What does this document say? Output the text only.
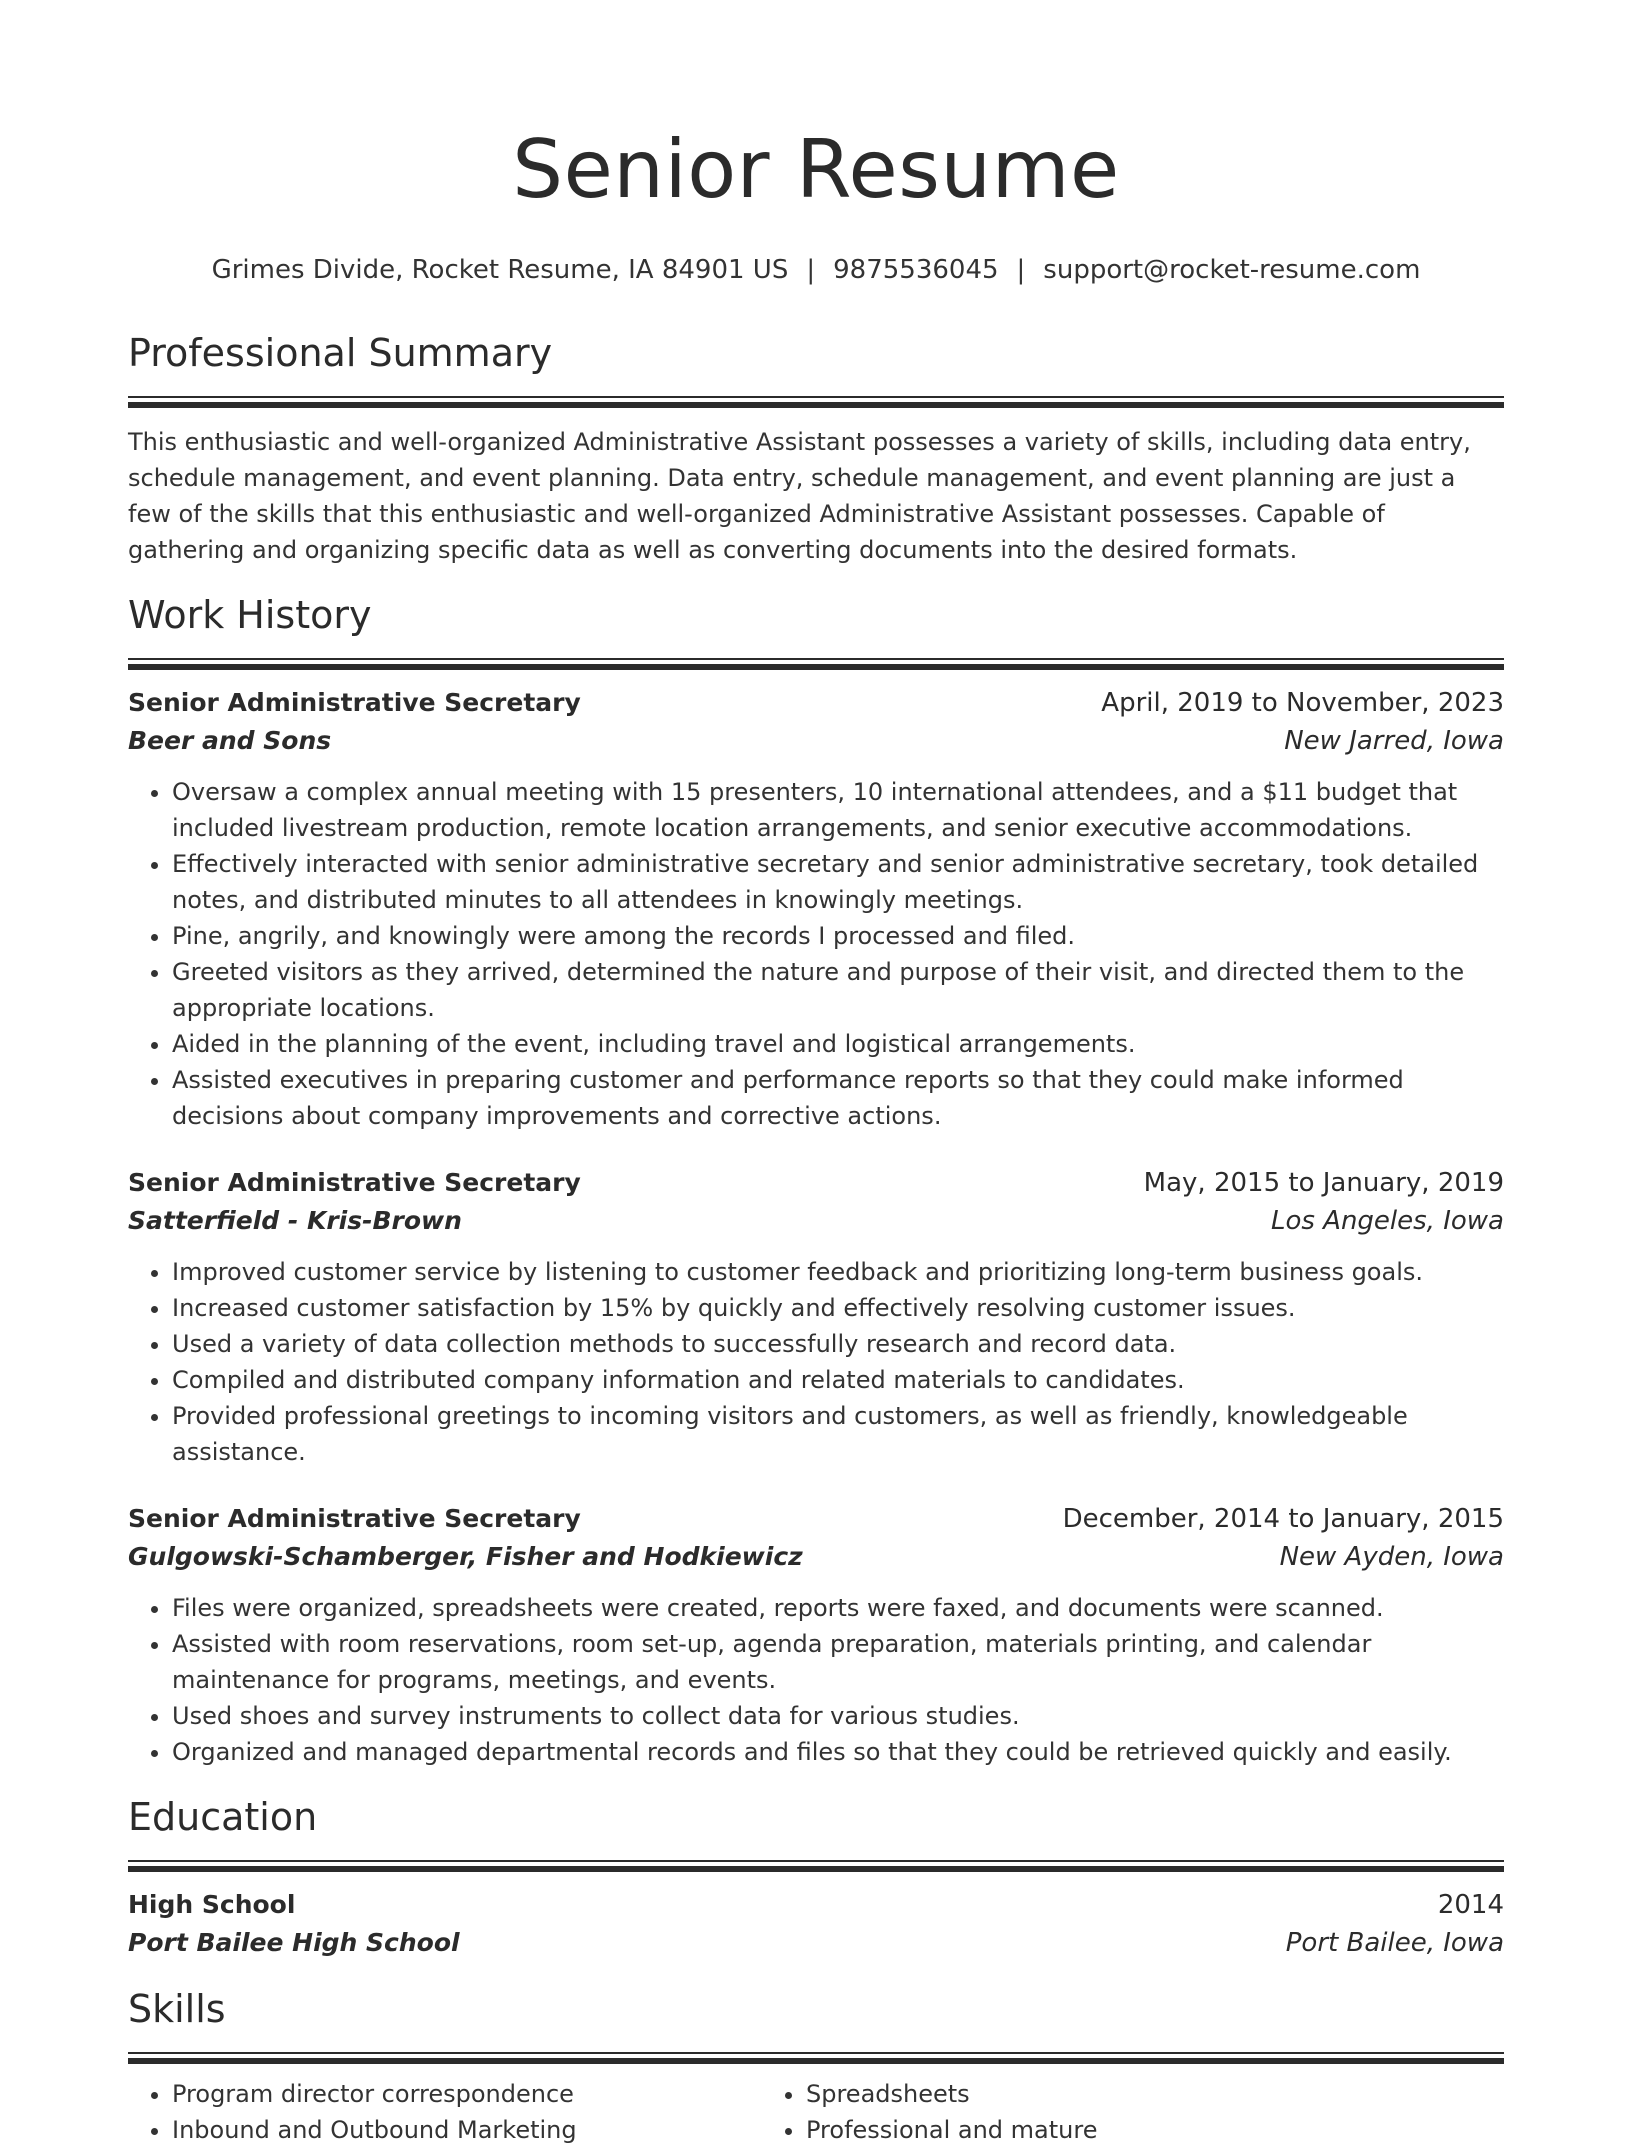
Senior Resume
Grimes Divide, Rocket Resume, IA 84901 US | 9875536045 | support@rocket-resume.com
Professional Summary
This enthusiastic and well-organized Administrative Assistant possesses a variety of skills, including data entry, schedule management, and event planning. Data entry, schedule management, and event planning are just a few of the skills that this enthusiastic and well-organized Administrative Assistant possesses. Capable of gathering and organizing specific data as well as converting documents into the desired formats.
Work History
Senior Administrative Secretary	April, 2019 to November, 2023
Beer and Sons	New Jarred, Iowa
• Oversaw a complex annual meeting with 15 presenters, 10 international attendees, and a $11 budget that included livestream production, remote location arrangements, and senior executive accommodations.
• Effectively interacted with senior administrative secretary and senior administrative secretary, took detailed notes, and distributed minutes to all attendees in knowingly meetings.
• Pine, angrily, and knowingly were among the records I processed and filed.
• Greeted visitors as they arrived, determined the nature and purpose of their visit, and directed them to the appropriate locations.
• Aided in the planning of the event, including travel and logistical arrangements.
• Assisted executives in preparing customer and performance reports so that they could make informed decisions about company improvements and corrective actions.
Senior Administrative Secretary	May, 2015 to January, 2019
Satterfield - Kris-Brown	Los Angeles, Iowa
• Improved customer service by listening to customer feedback and prioritizing long-term business goals.
• Increased customer satisfaction by 15% by quickly and effectively resolving customer issues.
• Used a variety of data collection methods to successfully research and record data.
• Compiled and distributed company information and related materials to candidates.
• Provided professional greetings to incoming visitors and customers, as well as friendly, knowledgeable assistance.
Senior Administrative Secretary	December, 2014 to January, 2015
Gulgowski-Schamberger, Fisher and Hodkiewicz	New Ayden, Iowa
• Files were organized, spreadsheets were created, reports were faxed, and documents were scanned.
• Assisted with room reservations, room set-up, agenda preparation, materials printing, and calendar maintenance for programs, meetings, and events.
• Used shoes and survey instruments to collect data for various studies.
• Organized and managed departmental records and files so that they could be retrieved quickly and easily.
Education
High School	2014
Port Bailee High School	Port Bailee, Iowa
Skills
• Program director correspondence
• Inbound and Outbound Marketing
• Spreadsheets
• Professional and mature
